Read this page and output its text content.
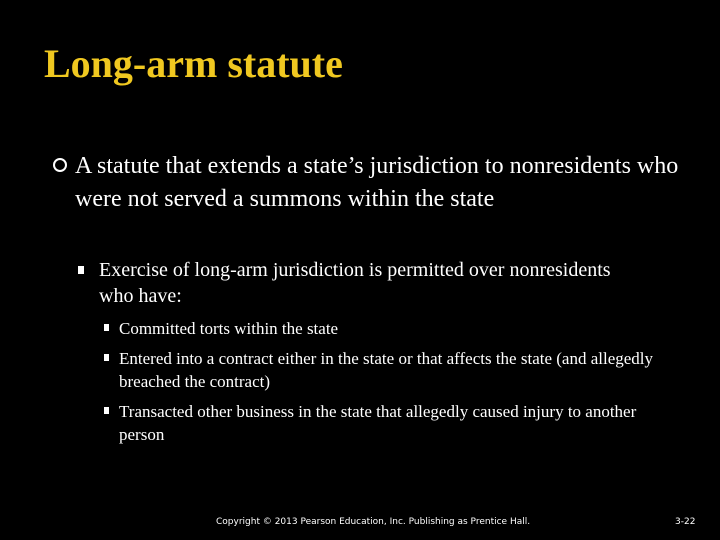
Long-arm statute
A statute that extends a state’s jurisdiction to nonresidents who were not served a summons within the state
Exercise of long-arm jurisdiction is permitted over nonresidents who have:
Committed torts within the state
Entered into a contract either in the state or that affects the state (and allegedly breached the contract)
Transacted other business in the state that allegedly caused injury to another person
Copyright © 2013 Pearson Education, Inc. Publishing as Prentice Hall.	3-22
